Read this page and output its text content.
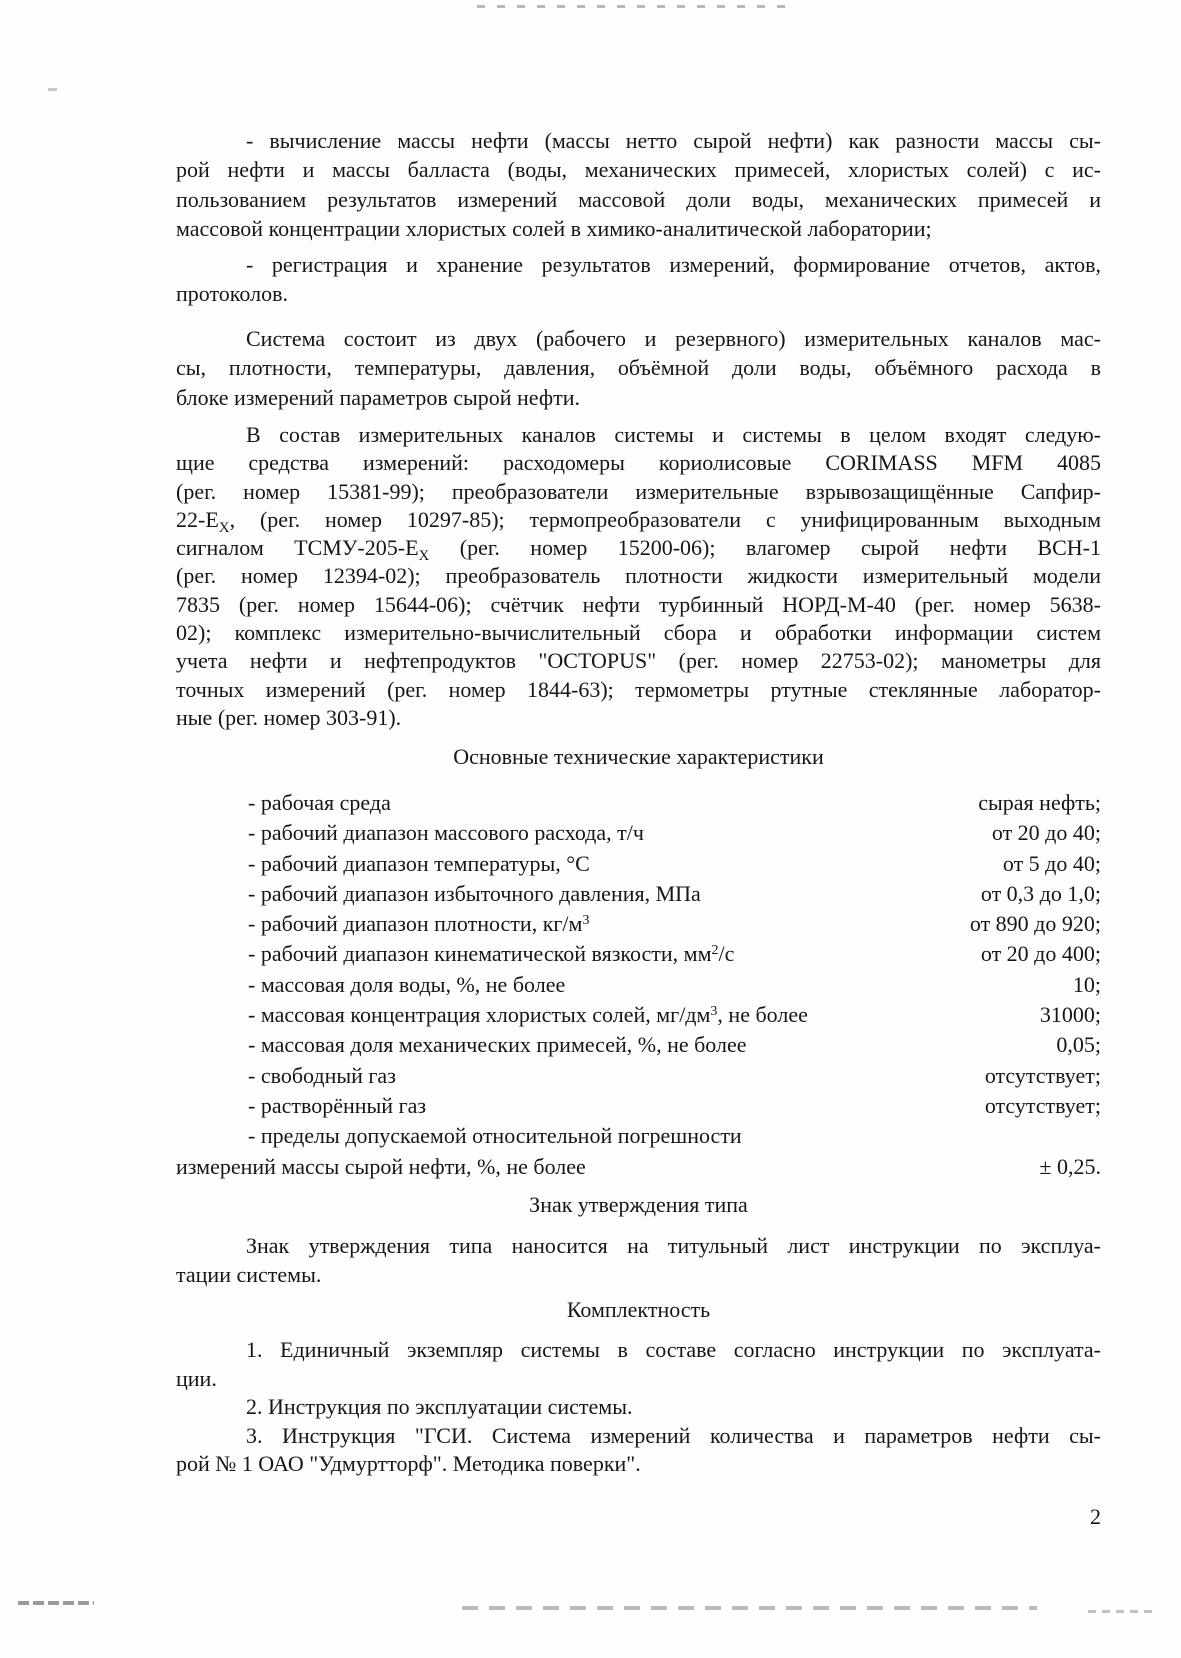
- вычисление массы нефти (массы нетто сырой нефти) как разности массы сы-
рой нефти и массы балласта (воды, механических примесей, хлористых солей) с ис-
пользованием результатов измерений массовой доли воды, механических примесей и
массовой концентрации хлористых солей в химико-аналитической лаборатории;
- регистрация и хранение результатов измерений, формирование отчетов, актов,
протоколов.
Система состоит из двух (рабочего и резервного) измерительных каналов мас-
сы, плотности, температуры, давления, объёмной доли воды, объёмного расхода в
блоке измерений параметров сырой нефти.
В состав измерительных каналов системы и системы в целом входят следую-
щие средства измерений: расходомеры кориолисовые CORIMASS MFM 4085
(рег. номер 15381-99); преобразователи измерительные взрывозащищённые Сапфир-
$22-Е_Х$, (рег. номер 10297-85); термопреобразователи с унифицированным выходным
сигналом ТСМУ-$205-Е_Х$ (рег. номер 15200-06); влагомер сырой нефти ВСН-1
(рег. номер 12394-02); преобразователь плотности жидкости измерительный модели
7835 (рег. номер 15644-06); счётчик нефти турбинный НОРД-М-40 (рег. номер 5638-
02); комплекс измерительно-вычислительный сбора и обработки информации систем
учета нефти и нефтепродуктов "OCTOPUS" (рег. номер 22753-02); манометры для
точных измерений (рег. номер 1844-63); термометры ртутные стеклянные лаборатор-
ные (рег. номер 303-91).
Основные технические характеристики
- рабочая среда	сырая нефть;
- рабочий диапазон массового расхода, т/ч	от 20 до 40;
- рабочий диапазон температуры, °С	от 5 до 40;
- рабочий диапазон избыточного давления, МПа	от 0,3 до 1,0;
- рабочий диапазон плотности, $кг/м^3$	от 890 до 920;
- рабочий диапазон кинематической вязкости, $мм^2/с$	от 20 до 400;
- массовая доля воды, %, не более	10;
- массовая концентрация хлористых солей, $мг/дм^3$, не более	31000;
- массовая доля механических примесей, %, не более	0,05;
- свободный газ	отсутствует;
- растворённый газ	отсутствует;
- пределы допускаемой относительной погрешности
измерений массы сырой нефти, %, не более	± 0,25.
Знак утверждения типа
Знак утверждения типа наносится на титульный лист инструкции по эксплуа-
тации системы.
Комплектность
1. Единичный экземпляр системы в составе согласно инструкции по эксплуата-
ции.
2. Инструкция по эксплуатации системы.
3. Инструкция "ГСИ. Система измерений количества и параметров нефти сы-
рой № 1 ОАО "Удмуртторф". Методика поверки".
2
